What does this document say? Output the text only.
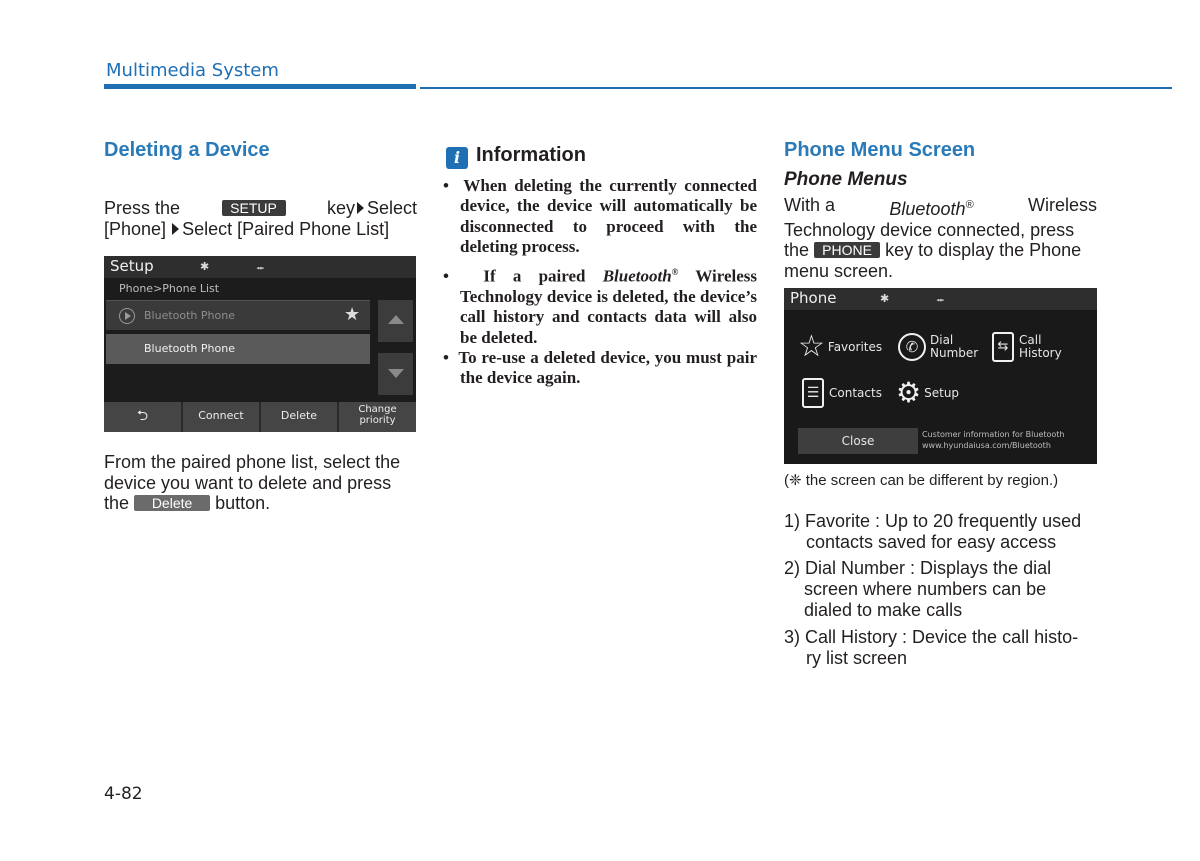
Multimedia System
Deleting a Device
Press the	SETUP	key Select
[Phone] Select [Paired Phone List]
Setup	✱	⭺
Phone>Phone List
Bluetooth Phone	★
Bluetooth Phone
⮌	Connect	Delete	Change priority
From the paired phone list, select the
device you want to delete and press
the Delete button.
i Information
•  When deleting the currently connected device, the device will automatically be disconnected to proceed with the deleting process.
•  If a paired Bluetooth® Wireless Technology device is deleted, the device’s call history and contacts data will also be deleted.
•  To re-use a deleted device, you must pair the device again.
Phone Menu Screen
Phone Menus
With a	Bluetooth®	Wireless
Technology device connected, press
the PHONE key to display the Phone
menu screen.
Phone	✱	⭺
☆ Favorites	✆ Dial
Number	⇆ Call
History
☰ Contacts ⚙ Setup
Close	Customer information for Bluetooth
www.hyundaiusa.com/Bluetooth
(❈ the screen can be different by region.)
1) Favorite : Up to 20 frequently used
contacts saved for easy access
2) Dial Number : Displays the dial
screen where numbers can be
dialed to make calls
3) Call History : Device the call histo-
ry list screen
4-82
